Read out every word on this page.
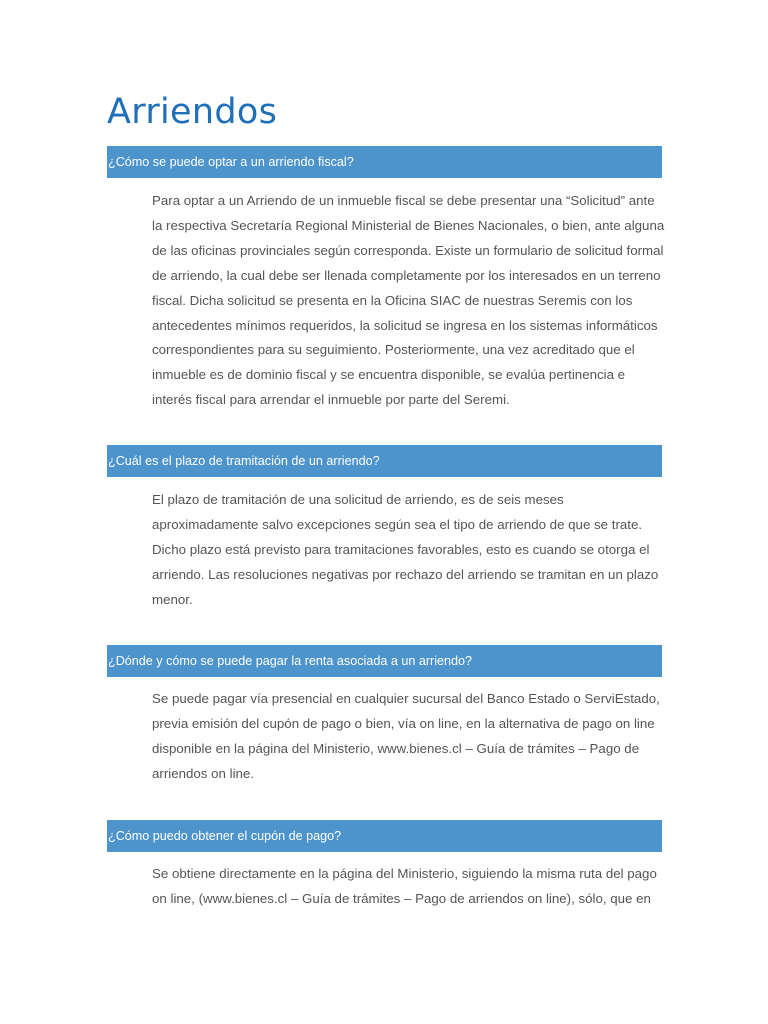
Arriendos
¿Cómo se puede optar a un arriendo fiscal?

Para optar a un Arriendo de un inmueble fiscal se debe presentar una “Solicitud” ante
la respectiva Secretaría Regional Ministerial de Bienes Nacionales, o bien, ante alguna
de las oficinas provinciales según corresponda. Existe un formulario de solicitud formal
de arriendo, la cual debe ser llenada completamente por los interesados en un terreno
fiscal. Dicha solicitud se presenta en la Oficina SIAC de nuestras Seremis con los
antecedentes mínimos requeridos, la solicitud se ingresa en los sistemas informáticos
correspondientes para su seguimiento. Posteriormente, una vez acreditado que el
inmueble es de dominio fiscal y se encuentra disponible, se evalúa pertinencia e
interés fiscal para arrendar el inmueble por parte del Seremi.

¿Cuál es el plazo de tramitación de un arriendo?

El plazo de tramitación de una solicitud de arriendo, es de seis meses
aproximadamente salvo excepciones según sea el tipo de arriendo de que se trate.
Dicho plazo está previsto para tramitaciones favorables, esto es cuando se otorga el
arriendo. Las resoluciones negativas por rechazo del arriendo se tramitan en un plazo
menor.

¿Dónde y cómo se puede pagar la renta asociada a un arriendo?

Se puede pagar vía presencial en cualquier sucursal del Banco Estado o ServiEstado,
previa emisión del cupón de pago o bien, vía on line, en la alternativa de pago on line
disponible en la página del Ministerio, www.bienes.cl – Guía de trámites – Pago de
arriendos on line.

¿Cómo puedo obtener el cupón de pago?

Se obtiene directamente en la página del Ministerio, siguiendo la misma ruta del pago
on line, (www.bienes.cl – Guía de trámites – Pago de arriendos on line), sólo, que en
